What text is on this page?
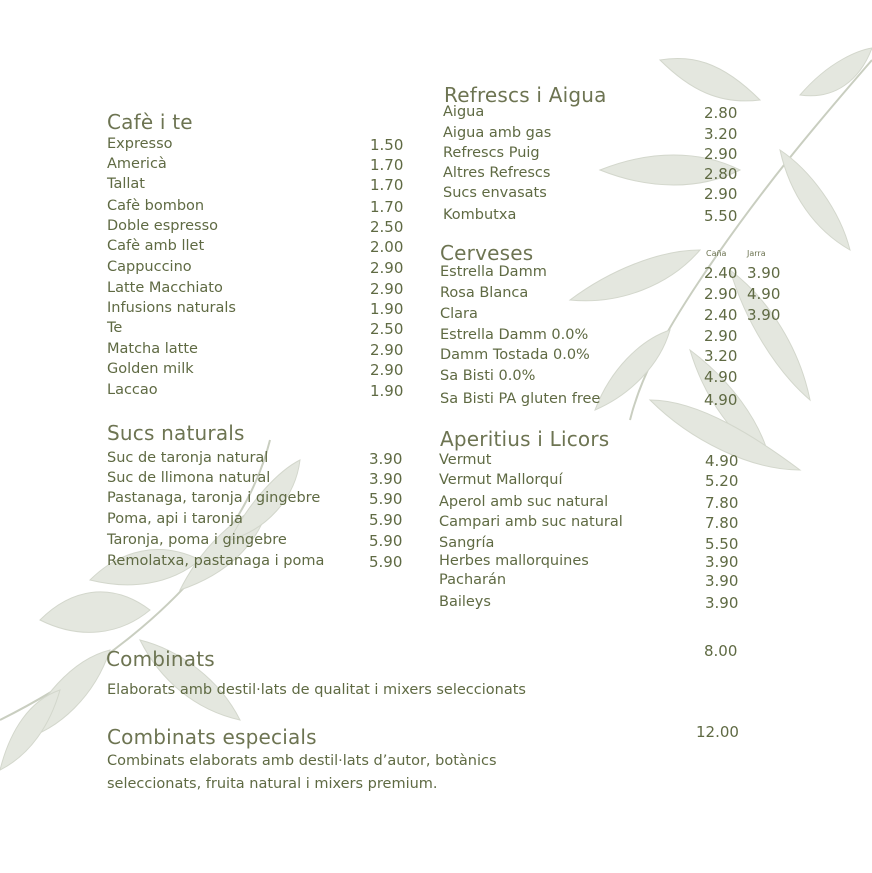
Cafè i te
Expresso	1.50
Americà	1.70
Tallat	1.70
Cafè bombon	1.70
Doble espresso	2.50
Cafè amb llet	2.00
Cappuccino	2.90
Latte Macchiato	2.90
Infusions naturals	1.90
Te	2.50
Matcha latte	2.90
Golden milk	2.90
Laccao	1.90
Sucs naturals
Suc de taronja natural	3.90
Suc de llimona natural	3.90
Pastanaga, taronja i gingebre	5.90
Poma, api i taronja	5.90
Taronja, poma i gingebre	5.90
Remolatxa, pastanaga i poma	5.90
Refrescs i Aigua
Aigua	2.80
Aigua amb gas	3.20
Refrescs Puig	2.90
Altres Refrescs	2.80
Sucs envasats	2.90
Kombutxa	5.50
Cerveses	Caña	Jarra
Estrella Damm	2.40 3.90
Rosa Blanca	2.90 4.90
Clara	2.40 3.90
Estrella Damm 0.0%	2.90
Damm Tostada 0.0%	3.20
Sa Bisti 0.0%	4.90
Sa Bisti PA gluten free	4.90
Aperitius i Licors
Vermut	4.90
Vermut Mallorquí	5.20
Aperol amb suc natural	7.80
Campari amb suc natural	7.80
Sangría	5.50
Herbes mallorquines	3.90
Pacharán	3.90
Baileys	3.90
Combinats	8.00
Elaborats amb destil·lats de qualitat i mixers seleccionats
Combinats especials	12.00
Combinats elaborats amb destil·lats d’autor, botànics
seleccionats, fruita natural i mixers premium.
